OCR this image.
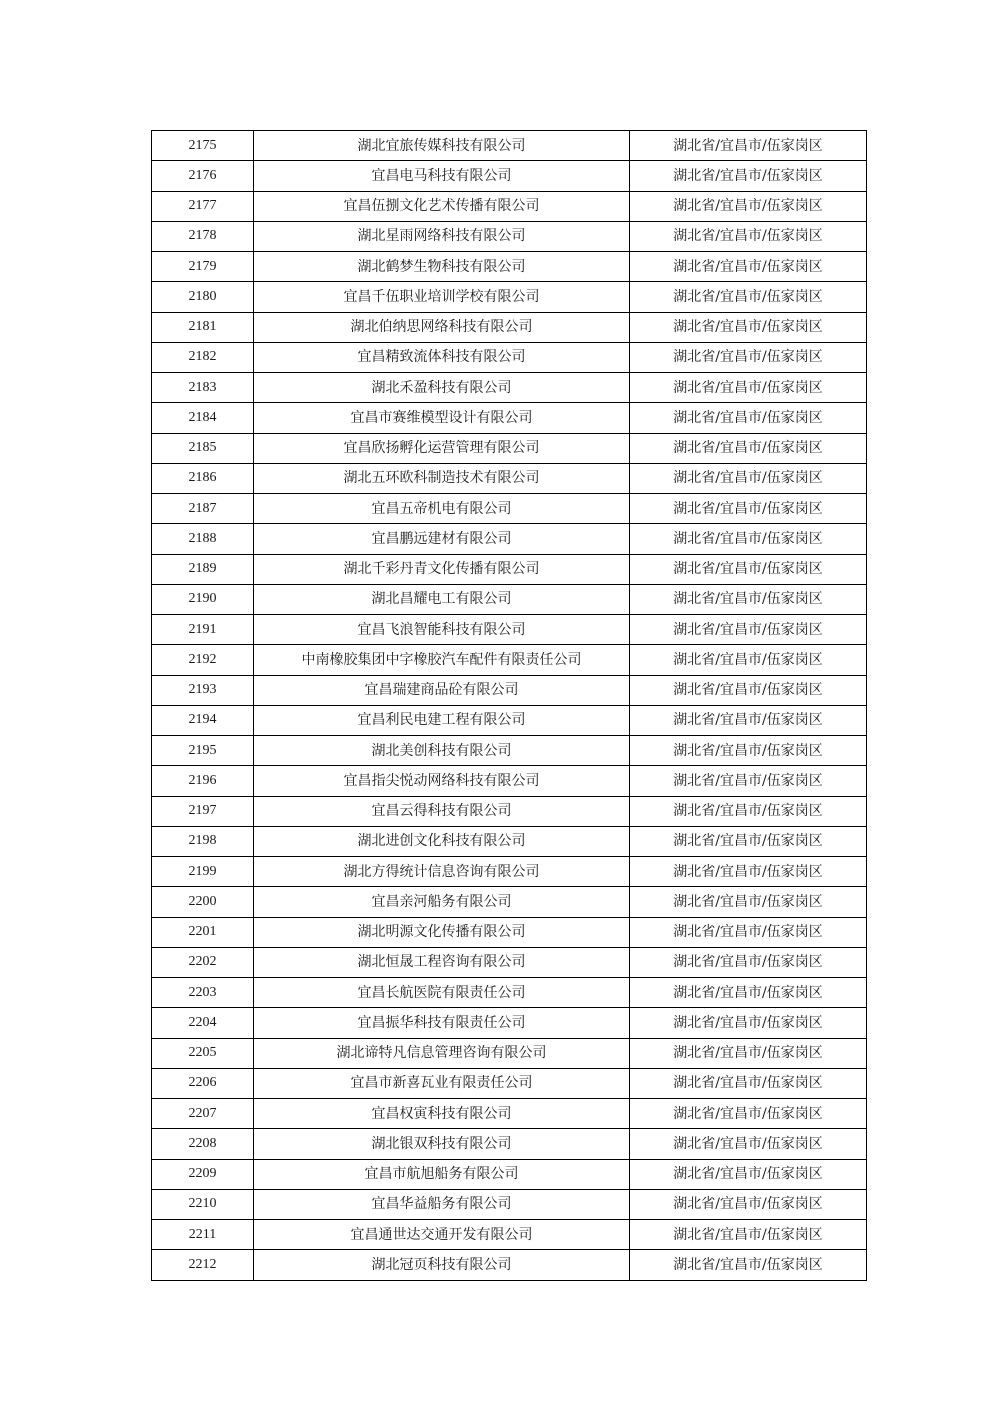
2175	湖北宜旅传媒科技有限公司	湖北省/宜昌市/伍家岗区
2176	宜昌电马科技有限公司	湖北省/宜昌市/伍家岗区
2177	宜昌伍捌文化艺术传播有限公司	湖北省/宜昌市/伍家岗区
2178	湖北星雨网络科技有限公司	湖北省/宜昌市/伍家岗区
2179	湖北鹤梦生物科技有限公司	湖北省/宜昌市/伍家岗区
2180	宜昌千伍职业培训学校有限公司	湖北省/宜昌市/伍家岗区
2181	湖北伯纳思网络科技有限公司	湖北省/宜昌市/伍家岗区
2182	宜昌精致流体科技有限公司	湖北省/宜昌市/伍家岗区
2183	湖北禾盈科技有限公司	湖北省/宜昌市/伍家岗区
2184	宜昌市赛维模型设计有限公司	湖北省/宜昌市/伍家岗区
2185	宜昌欣扬孵化运营管理有限公司	湖北省/宜昌市/伍家岗区
2186	湖北五环欧科制造技术有限公司	湖北省/宜昌市/伍家岗区
2187	宜昌五帝机电有限公司	湖北省/宜昌市/伍家岗区
2188	宜昌鹏远建材有限公司	湖北省/宜昌市/伍家岗区
2189	湖北千彩丹青文化传播有限公司	湖北省/宜昌市/伍家岗区
2190	湖北昌耀电工有限公司	湖北省/宜昌市/伍家岗区
2191	宜昌飞浪智能科技有限公司	湖北省/宜昌市/伍家岗区
2192	中南橡胶集团中字橡胶汽车配件有限责任公司	湖北省/宜昌市/伍家岗区
2193	宜昌瑞建商品砼有限公司	湖北省/宜昌市/伍家岗区
2194	宜昌利民电建工程有限公司	湖北省/宜昌市/伍家岗区
2195	湖北美创科技有限公司	湖北省/宜昌市/伍家岗区
2196	宜昌指尖悦动网络科技有限公司	湖北省/宜昌市/伍家岗区
2197	宜昌云得科技有限公司	湖北省/宜昌市/伍家岗区
2198	湖北进创文化科技有限公司	湖北省/宜昌市/伍家岗区
2199	湖北方得统计信息咨询有限公司	湖北省/宜昌市/伍家岗区
2200	宜昌亲河船务有限公司	湖北省/宜昌市/伍家岗区
2201	湖北明源文化传播有限公司	湖北省/宜昌市/伍家岗区
2202	湖北恒晟工程咨询有限公司	湖北省/宜昌市/伍家岗区
2203	宜昌长航医院有限责任公司	湖北省/宜昌市/伍家岗区
2204	宜昌振华科技有限责任公司	湖北省/宜昌市/伍家岗区
2205	湖北谛特凡信息管理咨询有限公司	湖北省/宜昌市/伍家岗区
2206	宜昌市新喜瓦业有限责任公司	湖北省/宜昌市/伍家岗区
2207	宜昌权寅科技有限公司	湖北省/宜昌市/伍家岗区
2208	湖北银双科技有限公司	湖北省/宜昌市/伍家岗区
2209	宜昌市航旭船务有限公司	湖北省/宜昌市/伍家岗区
2210	宜昌华益船务有限公司	湖北省/宜昌市/伍家岗区
2211	宜昌通世达交通开发有限公司	湖北省/宜昌市/伍家岗区
2212	湖北冠页科技有限公司	湖北省/宜昌市/伍家岗区
